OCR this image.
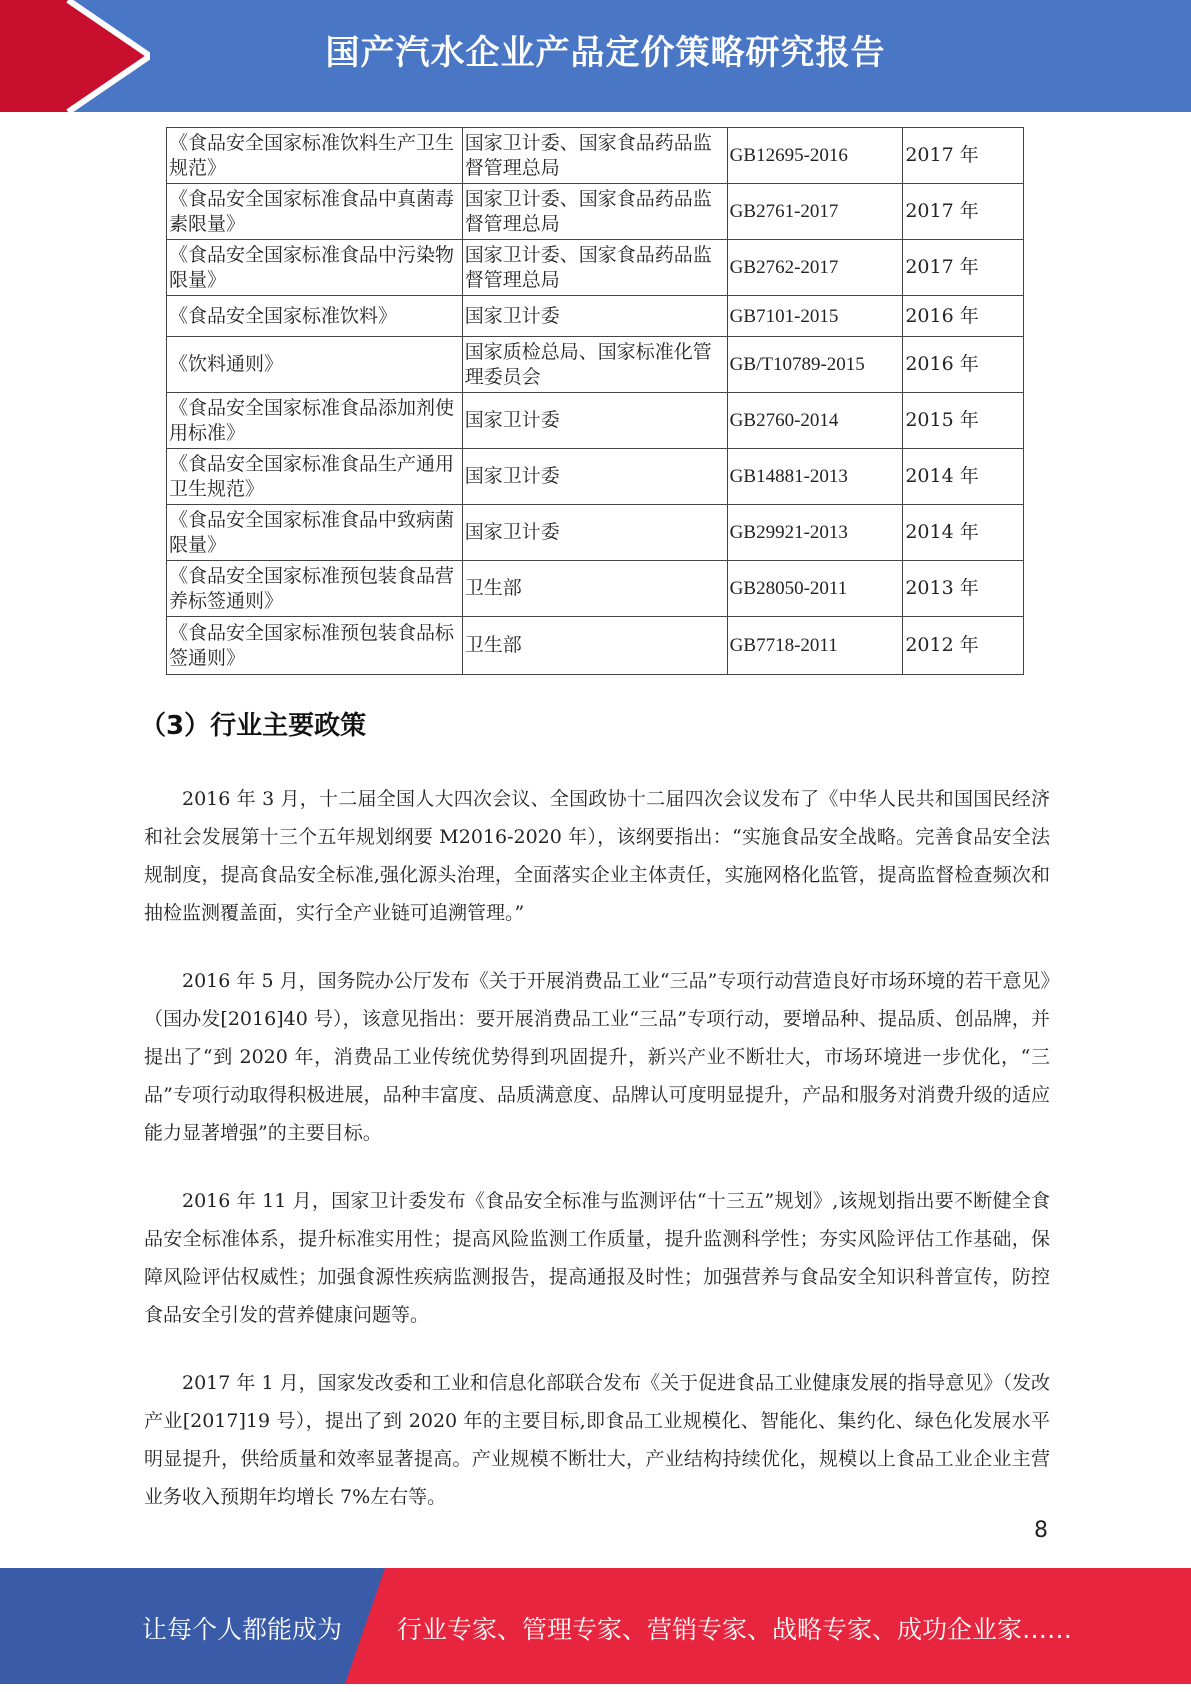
国产汽水企业产品定价策略研究报告
《食品安全国家标准饮料生产卫生规范》	国家卫计委、国家食品药品监督管理总局	GB12695-2016	2017 年
《食品安全国家标准食品中真菌毒素限量》	国家卫计委、国家食品药品监督管理总局	GB2761-2017	2017 年
《食品安全国家标准食品中污染物限量》	国家卫计委、国家食品药品监督管理总局	GB2762-2017	2017 年
《食品安全国家标准饮料》	国家卫计委	GB7101-2015	2016 年
《饮料通则》	国家质检总局、国家标准化管理委员会	GB/T10789-2015	2016 年
《食品安全国家标准食品添加剂使用标准》	国家卫计委	GB2760-2014	2015 年
《食品安全国家标准食品生产通用卫生规范》	国家卫计委	GB14881-2013	2014 年
《食品安全国家标准食品中致病菌限量》	国家卫计委	GB29921-2013	2014 年
《食品安全国家标准预包装食品营养标签通则》	卫生部	GB28050-2011	2013 年
《食品安全国家标准预包装食品标签通则》	卫生部	GB7718-2011	2012 年
（3）行业主要政策

2016 年 3 月，十二届全国人大四次会议、全国政协十二届四次会议发布了《中华人民共和国国民经济和社会发展第十三个五年规划纲要 M2016-2020 年），该纲要指出：“实施食品安全战略。完善食品安全法规制度，提高食品安全标准,强化源头治理，全面落实企业主体责任，实施网格化监管，提高监督检查频次和抽检监测覆盖面，实行全产业链可追溯管理。”

2016 年 5 月，国务院办公厅发布《关于开展消费品工业“三品”专项行动营造良好市场环境的若干意见》（国办发[2016]40 号），该意见指出：要开展消费品工业“三品”专项行动，要增品种、提品质、创品牌，并提出了“到 2020 年，消费品工业传统优势得到巩固提升，新兴产业不断壮大，市场环境进一步优化，“三品”专项行动取得积极进展，品种丰富度、品质满意度、品牌认可度明显提升，产品和服务对消费升级的适应能力显著增强”的主要目标。

2016 年 11 月，国家卫计委发布《食品安全标准与监测评估“十三五”规划》,该规划指出要不断健全食品安全标准体系，提升标准实用性；提高风险监测工作质量，提升监测科学性；夯实风险评估工作基础，保障风险评估权威性；加强食源性疾病监测报告，提高通报及时性；加强营养与食品安全知识科普宣传，防控食品安全引发的营养健康问题等。

2017 年 1 月，国家发改委和工业和信息化部联合发布《关于促进食品工业健康发展的指导意见》（发改产业[2017]19 号），提出了到 2020 年的主要目标,即食品工业规模化、智能化、集约化、绿色化发展水平明显提升，供给质量和效率显著提高。产业规模不断壮大，产业结构持续优化，规模以上食品工业企业主营业务收入预期年均增长 7%左右等。

8
让每个人都能成为 行业专家、管理专家、营销专家、战略专家、成功企业家……
